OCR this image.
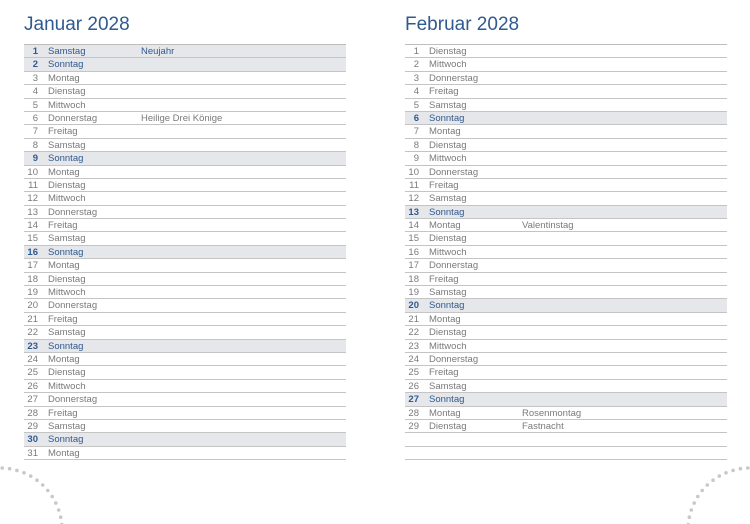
Januar 2028
1 Samstag	Neujahr
2 Sonntag
3 Montag
4 Dienstag
5 Mittwoch
6 Donnerstag	Heilige Drei Könige
7 Freitag
8 Samstag
9 Sonntag
10 Montag
11 Dienstag
12 Mittwoch
13 Donnerstag
14 Freitag
15 Samstag
16 Sonntag
17 Montag
18 Dienstag
19 Mittwoch
20 Donnerstag
21 Freitag
22 Samstag
23 Sonntag
24 Montag
25 Dienstag
26 Mittwoch
27 Donnerstag
28 Freitag
29 Samstag
30 Sonntag
31 Montag
Februar 2028
1 Dienstag
2 Mittwoch
3 Donnerstag
4 Freitag
5 Samstag
6 Sonntag
7 Montag
8 Dienstag
9 Mittwoch
10 Donnerstag
11 Freitag
12 Samstag
13 Sonntag
14 Montag	Valentinstag
15 Dienstag
16 Mittwoch
17 Donnerstag
18 Freitag
19 Samstag
20 Sonntag
21 Montag
22 Dienstag
23 Mittwoch
24 Donnerstag
25 Freitag
26 Samstag
27 Sonntag
28 Montag	Rosenmontag
29 Dienstag	Fastnacht
